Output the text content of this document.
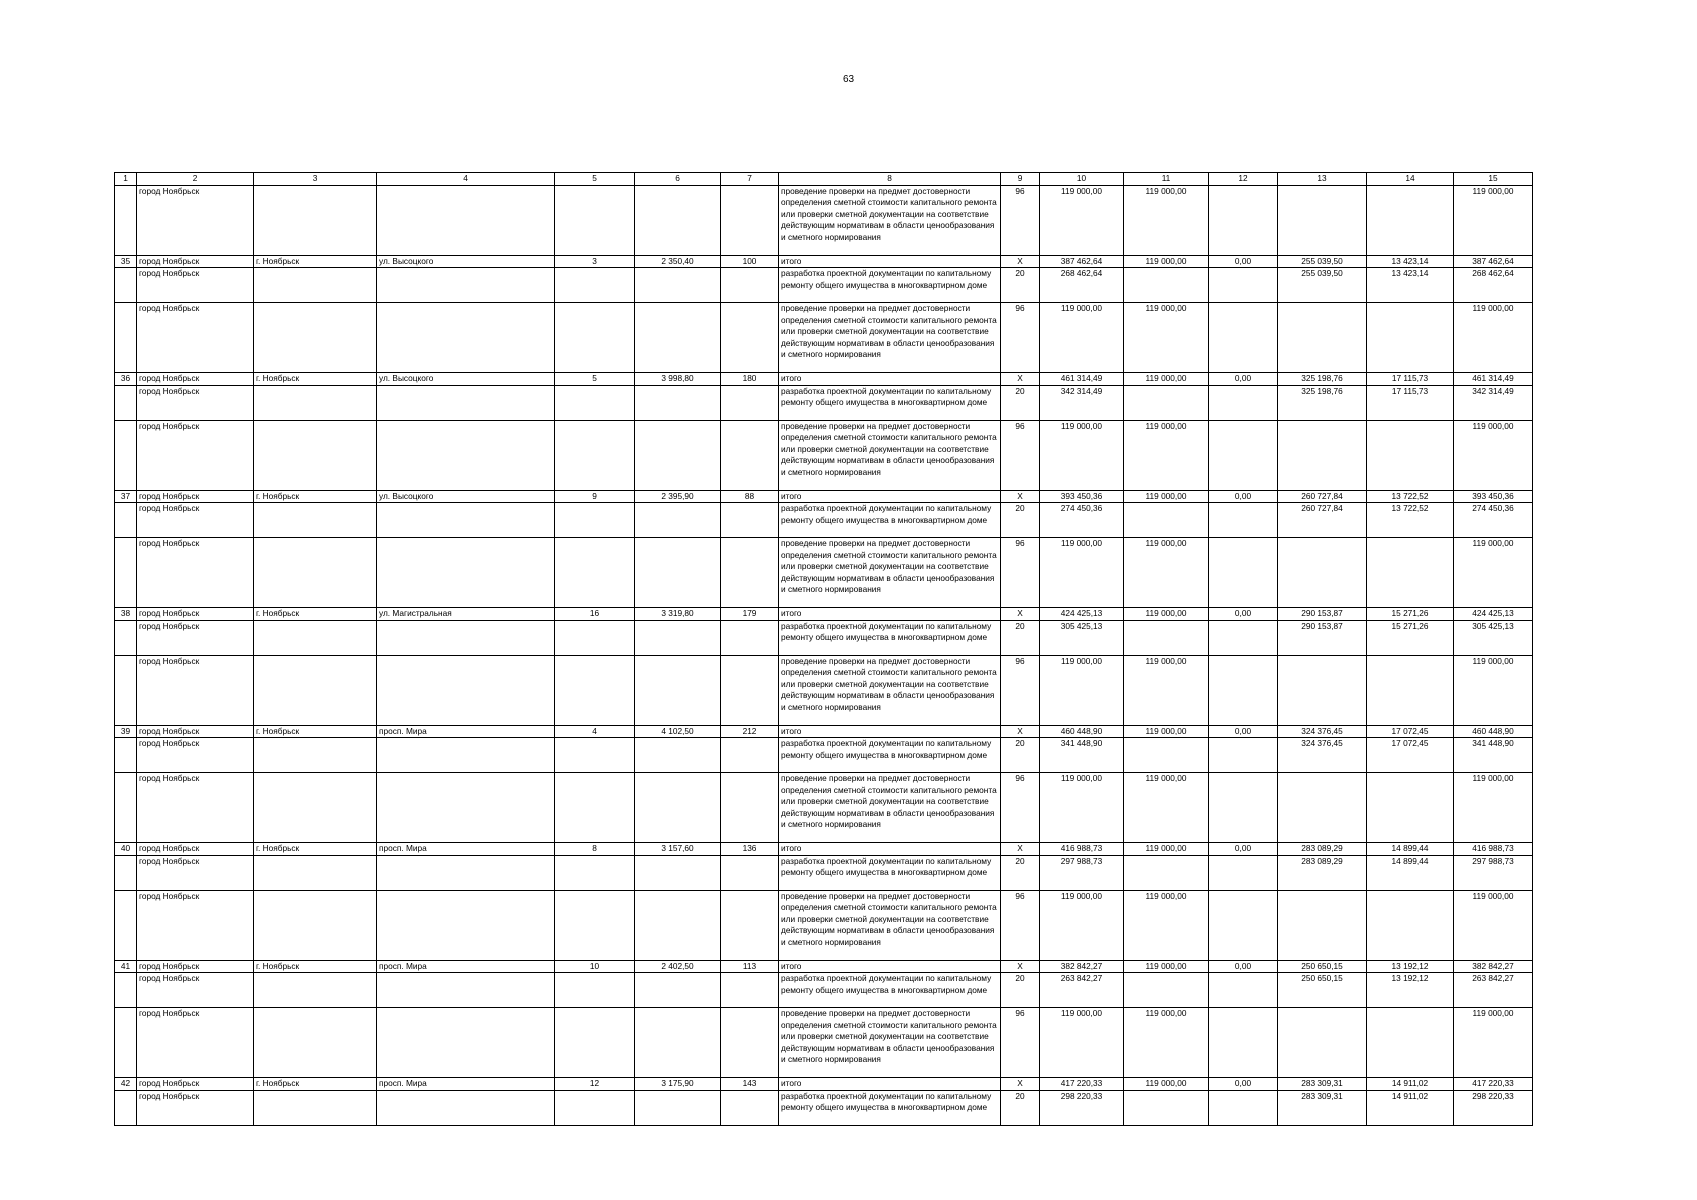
63
1	2	3	4	5	6	7	8	9	10	11	12	13	14	15
	город Ноябрьск						проведение проверки на предмет достоверности определения сметной стоимости капитального ремонта или проверки сметной документации на соответствие действующим нормативам в области ценообразования и сметного нормирования	96	119 000,00	119 000,00				119 000,00
35	город Ноябрьск	г. Ноябрьск	ул. Высоцкого	3	2 350,40	100	итого	X	387 462,64	119 000,00	0,00	255 039,50	13 423,14	387 462,64
	город Ноябрьск						разработка проектной документации по капитальному ремонту общего имущества в многоквартирном доме	20	268 462,64			255 039,50	13 423,14	268 462,64
	город Ноябрьск						проведение проверки на предмет достоверности определения сметной стоимости капитального ремонта или проверки сметной документации на соответствие действующим нормативам в области ценообразования и сметного нормирования	96	119 000,00	119 000,00				119 000,00
36	город Ноябрьск	г. Ноябрьск	ул. Высоцкого	5	3 998,80	180	итого	X	461 314,49	119 000,00	0,00	325 198,76	17 115,73	461 314,49
	город Ноябрьск						разработка проектной документации по капитальному ремонту общего имущества в многоквартирном доме	20	342 314,49			325 198,76	17 115,73	342 314,49
	город Ноябрьск						проведение проверки на предмет достоверности определения сметной стоимости капитального ремонта или проверки сметной документации на соответствие действующим нормативам в области ценообразования и сметного нормирования	96	119 000,00	119 000,00				119 000,00
37	город Ноябрьск	г. Ноябрьск	ул. Высоцкого	9	2 395,90	88	итого	X	393 450,36	119 000,00	0,00	260 727,84	13 722,52	393 450,36
	город Ноябрьск						разработка проектной документации по капитальному ремонту общего имущества в многоквартирном доме	20	274 450,36			260 727,84	13 722,52	274 450,36
	город Ноябрьск						проведение проверки на предмет достоверности определения сметной стоимости капитального ремонта или проверки сметной документации на соответствие действующим нормативам в области ценообразования и сметного нормирования	96	119 000,00	119 000,00				119 000,00
38	город Ноябрьск	г. Ноябрьск	ул. Магистральная	16	3 319,80	179	итого	X	424 425,13	119 000,00	0,00	290 153,87	15 271,26	424 425,13
	город Ноябрьск						разработка проектной документации по капитальному ремонту общего имущества в многоквартирном доме	20	305 425,13			290 153,87	15 271,26	305 425,13
	город Ноябрьск						проведение проверки на предмет достоверности определения сметной стоимости капитального ремонта или проверки сметной документации на соответствие действующим нормативам в области ценообразования и сметного нормирования	96	119 000,00	119 000,00				119 000,00
39	город Ноябрьск	г. Ноябрьск	просп. Мира	4	4 102,50	212	итого	X	460 448,90	119 000,00	0,00	324 376,45	17 072,45	460 448,90
	город Ноябрьск						разработка проектной документации по капитальному ремонту общего имущества в многоквартирном доме	20	341 448,90			324 376,45	17 072,45	341 448,90
	город Ноябрьск						проведение проверки на предмет достоверности определения сметной стоимости капитального ремонта или проверки сметной документации на соответствие действующим нормативам в области ценообразования и сметного нормирования	96	119 000,00	119 000,00				119 000,00
40	город Ноябрьск	г. Ноябрьск	просп. Мира	8	3 157,60	136	итого	X	416 988,73	119 000,00	0,00	283 089,29	14 899,44	416 988,73
	город Ноябрьск						разработка проектной документации по капитальному ремонту общего имущества в многоквартирном доме	20	297 988,73			283 089,29	14 899,44	297 988,73
	город Ноябрьск						проведение проверки на предмет достоверности определения сметной стоимости капитального ремонта или проверки сметной документации на соответствие действующим нормативам в области ценообразования и сметного нормирования	96	119 000,00	119 000,00				119 000,00
41	город Ноябрьск	г. Ноябрьск	просп. Мира	10	2 402,50	113	итого	X	382 842,27	119 000,00	0,00	250 650,15	13 192,12	382 842,27
	город Ноябрьск						разработка проектной документации по капитальному ремонту общего имущества в многоквартирном доме	20	263 842,27			250 650,15	13 192,12	263 842,27
	город Ноябрьск						проведение проверки на предмет достоверности определения сметной стоимости капитального ремонта или проверки сметной документации на соответствие действующим нормативам в области ценообразования и сметного нормирования	96	119 000,00	119 000,00				119 000,00
42	город Ноябрьск	г. Ноябрьск	просп. Мира	12	3 175,90	143	итого	X	417 220,33	119 000,00	0,00	283 309,31	14 911,02	417 220,33
	город Ноябрьск						разработка проектной документации по капитальному ремонту общего имущества в многоквартирном доме	20	298 220,33			283 309,31	14 911,02	298 220,33
